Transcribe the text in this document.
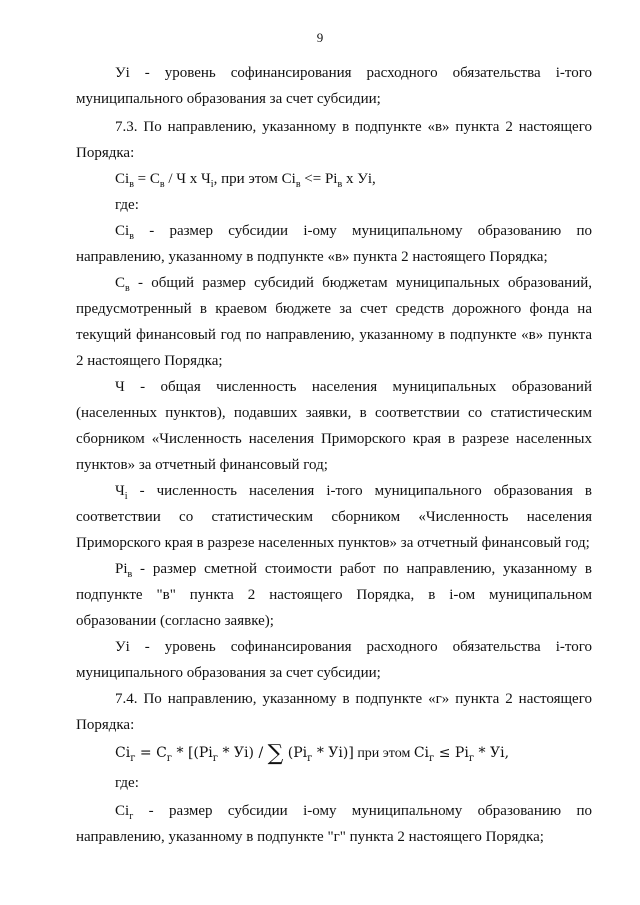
9
Уi - уровень софинансирования расходного обязательства i-того
муниципального образования за счет субсидии;
7.3. По направлению, указанному в подпункте «в» пункта 2 настоящего
Порядка:
$Ci_в = C_в / Ч$ х $Ч_i$, при этом $Ci_в <= Pi_в$ х Уi,
где:
$Ci_в$ - размер субсидии i-ому муниципальному образованию по
направлению, указанному в подпункте «в» пункта 2 настоящего Порядка;
$C_в$ - общий размер субсидий бюджетам муниципальных образований,
предусмотренный в краевом бюджете за счет средств дорожного фонда на
текущий финансовый год по направлению, указанному в подпункте «в» пункта
2 настоящего Порядка;
Ч - общая численность населения муниципальных образований
(населенных пунктов), подавших заявки, в соответствии со статистическим
сборником «Численность населения Приморского края в разрезе населенных
пунктов» за отчетный финансовый год;
$Ч_i$ - численность населения i-того муниципального образования в
соответствии со статистическим сборником «Численность населения
Приморского края в разрезе населенных пунктов» за отчетный финансовый год;
$Pi_в$ - размер сметной стоимости работ по направлению, указанному в
подпункте "в" пункта 2 настоящего Порядка, в i-ом муниципальном
образовании (согласно заявке);
Уi - уровень софинансирования расходного обязательства i-того
муниципального образования за счет субсидии;
7.4. По направлению, указанному в подпункте «г» пункта 2 настоящего
Порядка:
$Ci_г = C_г * [(Pi_г * Уi)$ / ∑ $(Pi_г * Уi)$] при этом $Ci_г \le Pi_г$ * Уi,
где:
$Ci_г$ - размер субсидии i-ому муниципальному образованию по
направлению, указанному в подпункте "г" пункта 2 настоящего Порядка;
